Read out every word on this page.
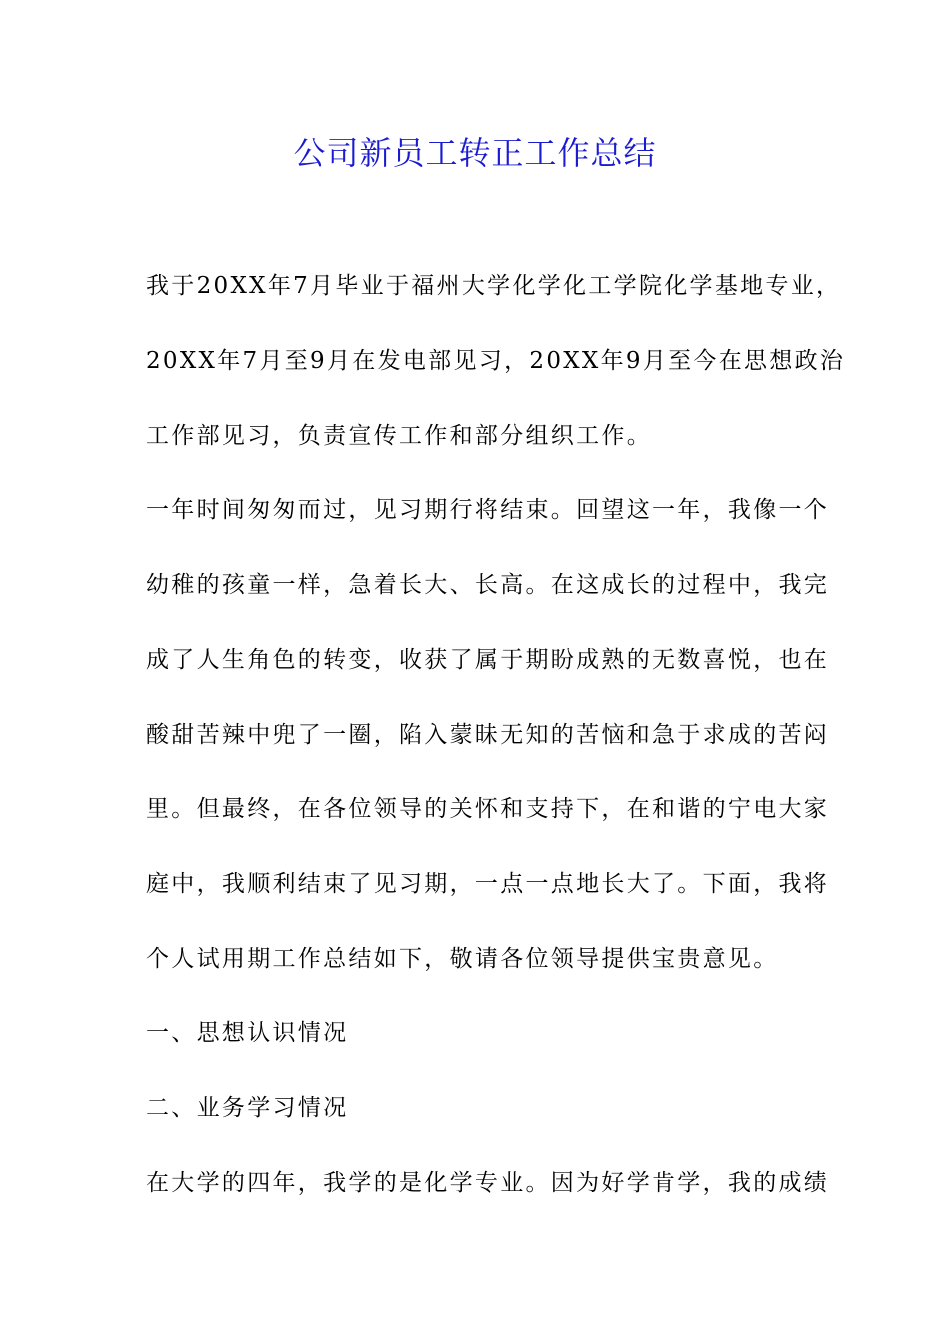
公司新员工转正工作总结

我于20XX年7月毕业于福州大学化学化工学院化学基地专业，

20XX年7月至9月在发电部见习，20XX年9月至今在思想政治

工作部见习，负责宣传工作和部分组织工作。

一年时间匆匆而过，见习期行将结束。回望这一年，我像一个

幼稚的孩童一样，急着长大、长高。在这成长的过程中，我完

成了人生角色的转变，收获了属于期盼成熟的无数喜悦，也在

酸甜苦辣中兜了一圈，陷入蒙昧无知的苦恼和急于求成的苦闷

里。但最终，在各位领导的关怀和支持下，在和谐的宁电大家

庭中，我顺利结束了见习期，一点一点地长大了。下面，我将

个人试用期工作总结如下，敬请各位领导提供宝贵意见。

一、思想认识情况

二、业务学习情况

在大学的四年，我学的是化学专业。因为好学肯学，我的成绩
